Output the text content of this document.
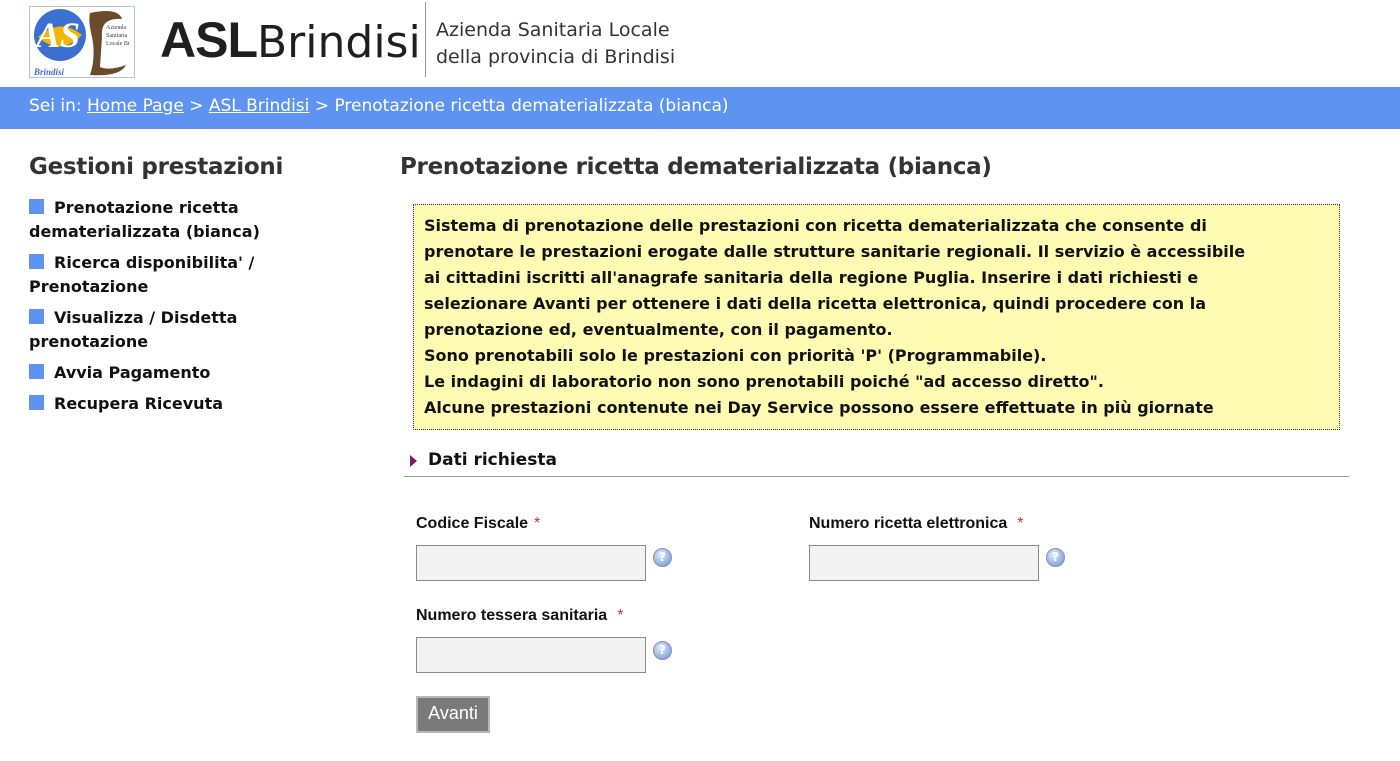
AS	Azienda
Sanitaria
Locale Br
Brindisi
ASLBrindisi Azienda Sanitaria Locale
della provincia di Brindisi
Sei in: Home Page > ASL Brindisi > Prenotazione ricetta dematerializzata (bianca)
Gestioni prestazioni
Prenotazione ricetta
dematerializzata (bianca)
Ricerca disponibilita' /
Prenotazione
Visualizza / Disdetta
prenotazione
Avvia Pagamento
Recupera Ricevuta
Prenotazione ricetta dematerializzata (bianca)
Sistema di prenotazione delle prestazioni con ricetta dematerializzata che consente di
prenotare le prestazioni erogate dalle strutture sanitarie regionali. Il servizio è accessibile
ai cittadini iscritti all'anagrafe sanitaria della regione Puglia. Inserire i dati richiesti e
selezionare Avanti per ottenere i dati della ricetta elettronica, quindi procedere con la
prenotazione ed, eventualmente, con il pagamento.
Sono prenotabili solo le prestazioni con priorità 'P' (Programmabile).
Le indagini di laboratorio non sono prenotabili poiché "ad accesso diretto".
Alcune prestazioni contenute nei Day Service possono essere effettuate in più giornate
Dati richiesta
Codice Fiscale *
?
Numero ricetta elettronica *
?
Numero tessera sanitaria *
?
Avanti
